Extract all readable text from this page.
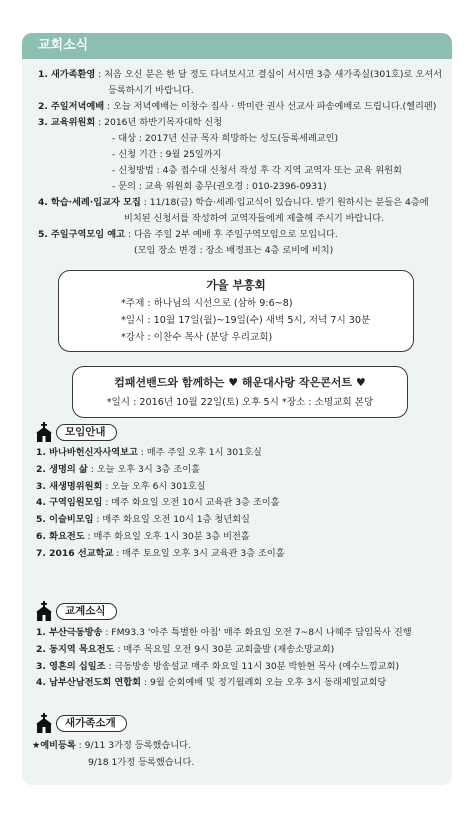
교회소식
1. 새가족환영 : 처음 오신 분은 한 달 정도 다녀보시고 결심이 서시면 3층 새가족실(301호)로 오셔서
등록하시기 바랍니다.
2. 주일저녁예배 : 오늘 저녁예배는 이창수 집사 · 박미란 권사 선교사 파송예배로 드립니다.(헬리펜)
3. 교육위원회 : 2016년 하반기목자대학 신청
- 대상 : 2017년 신규 목자 희망하는 성도(등록세례교인)
- 신청 기간 : 9월 25일까지
- 신청방법 : 4층 접수대 신청서 작성 후 각 지역 교역자 또는 교육 위원회
- 문의 : 교육 위원회 총무(권오경 : 010-2396-0931)
4. 학습·세례·입교자 모집 : 11/18(금) 학습·세례·입교식이 있습니다. 받기 원하시는 분들은 4층에
비치된 신청서를 작성하여 교역자들에게 제출해 주시기 바랍니다.
5. 주일구역모임 예고 : 다음 주일 2부 예배 후 주일구역모임으로 모입니다.
(모임 장소 변경 : 장소 배정표는 4층 로비에 비치)
가을 부흥회
*주제 : 하나님의 시선으로 (삼하 9:6~8)
*일시 : 10월 17일(월)~19일(수) 새벽 5시, 저녁 7시 30분
*강사 : 이찬수 목사 (분당 우리교회)
컴패션밴드와 함께하는 ♥ 해운대사랑 작은콘서트 ♥
*일시 : 2016년 10월 22일(토) 오후 5시 *장소 : 소명교회 본당
모임안내
1. 바나바헌신자사역보고 : 매주 주일 오후 1시 301호실
2. 생명의 삶 : 오늘 오후 3시 3층 조이홀
3. 새생명위원회 : 오늘 오후 6시 301호실
4. 구역임원모임 : 매주 화요일 오전 10시 교육관 3층 조이홀
5. 이슬비모임 : 매주 화요일 오전 10시 1층 청년회실
6. 화요전도 : 매주 화요일 오후 1시 30분 3층 비전홀
7. 2016 선교학교 : 매주 토요일 오후 3시 교육관 3층 조이홀
교계소식
1. 부산극동방송 : FM93.3 '아주 특별한 아침' 매주 화요일 오전 7~8시 나혜주 담임목사 진행
2. 동지역 목요전도 : 매주 목요일 오전 9시 30분 교회출발 (재송소망교회)
3. 영혼의 십일조 : 극동방송 방송설교 매주 화요일 11시 30분 박한현 목사 (예수느낌교회)
4. 남부산남전도회 연합회 : 9월 순회예배 및 정기월례회 오늘 오후 3시 동래제일교회당
새가족소개
★예비등록 : 9/11 3가정 등록했습니다.
9/18 1가정 등록했습니다.
